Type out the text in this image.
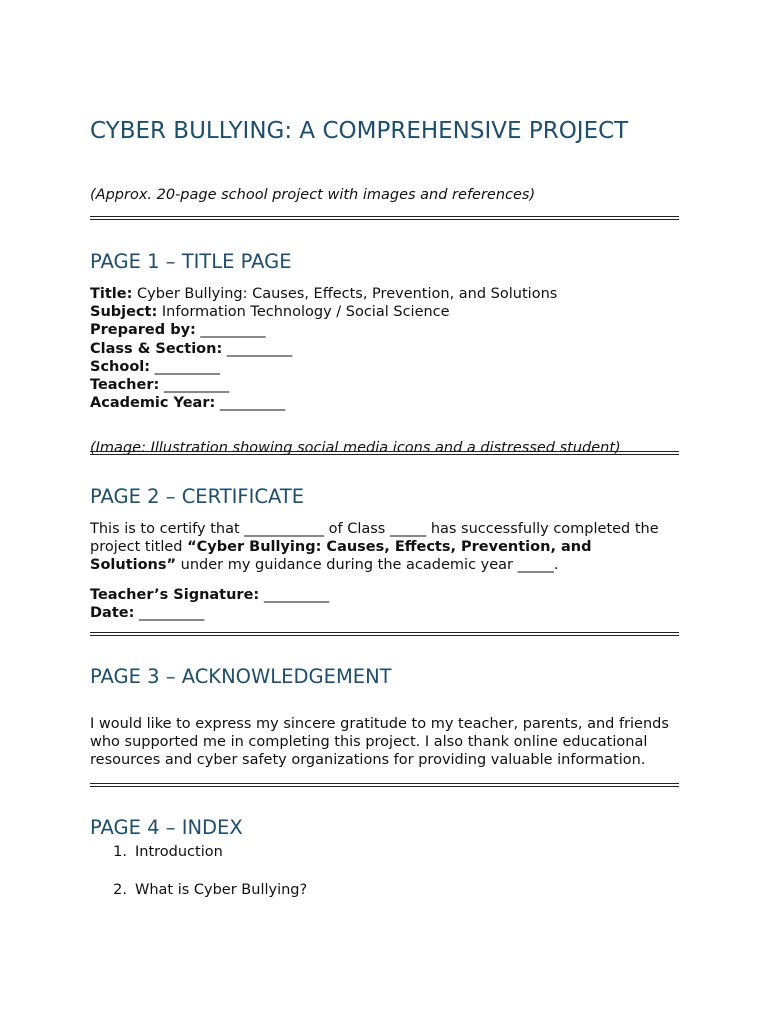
CYBER BULLYING: A COMPREHENSIVE PROJECT

(Approx. 20-page school project with images and references)

PAGE 1 – TITLE PAGE

Title: Cyber Bullying: Causes, Effects, Prevention, and Solutions

Subject: Information Technology / Social Science

Prepared by: _________

Class & Section: _________

School: _________

Teacher: _________

Academic Year: _________

(Image: Illustration showing social media icons and a distressed student)

PAGE 2 – CERTIFICATE

This is to certify that ___________ of Class _____ has successfully completed the project titled “Cyber Bullying: Causes, Effects, Prevention, and Solutions” under my guidance during the academic year _____.

Teacher’s Signature: _________

Date: _________

PAGE 3 – ACKNOWLEDGEMENT

I would like to express my sincere gratitude to my teacher, parents, and friends who supported me in completing this project. I also thank online educational resources and cyber safety organizations for providing valuable information.

PAGE 4 – INDEX
1. Introduction
2. What is Cyber Bullying?
